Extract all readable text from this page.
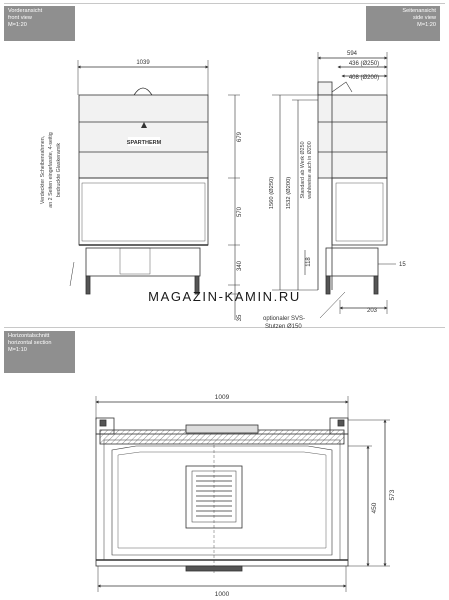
Vorderansicht
front view
M=1:20
Seitenansicht
side view
M=1:20
Horizontalschnitt
horizontal section
M=1:10
1039
SPARTHERM
679
570
340
35
Verdeckter Scheibenrahmen, an 2 Seiten eingefasste, 4-seitig bedruckte Glaskeramik
594
436 (Ø250)
408 (Ø200)
1560 (Ø250) 1532 (Ø200) Standard ab Werk Ø250 wahlweise auch in Ø200
118	15
203
optionaler SVS-
Stutzen Ø150
1009
1000
573
450
MAGAZIN-KAMIN.RU
